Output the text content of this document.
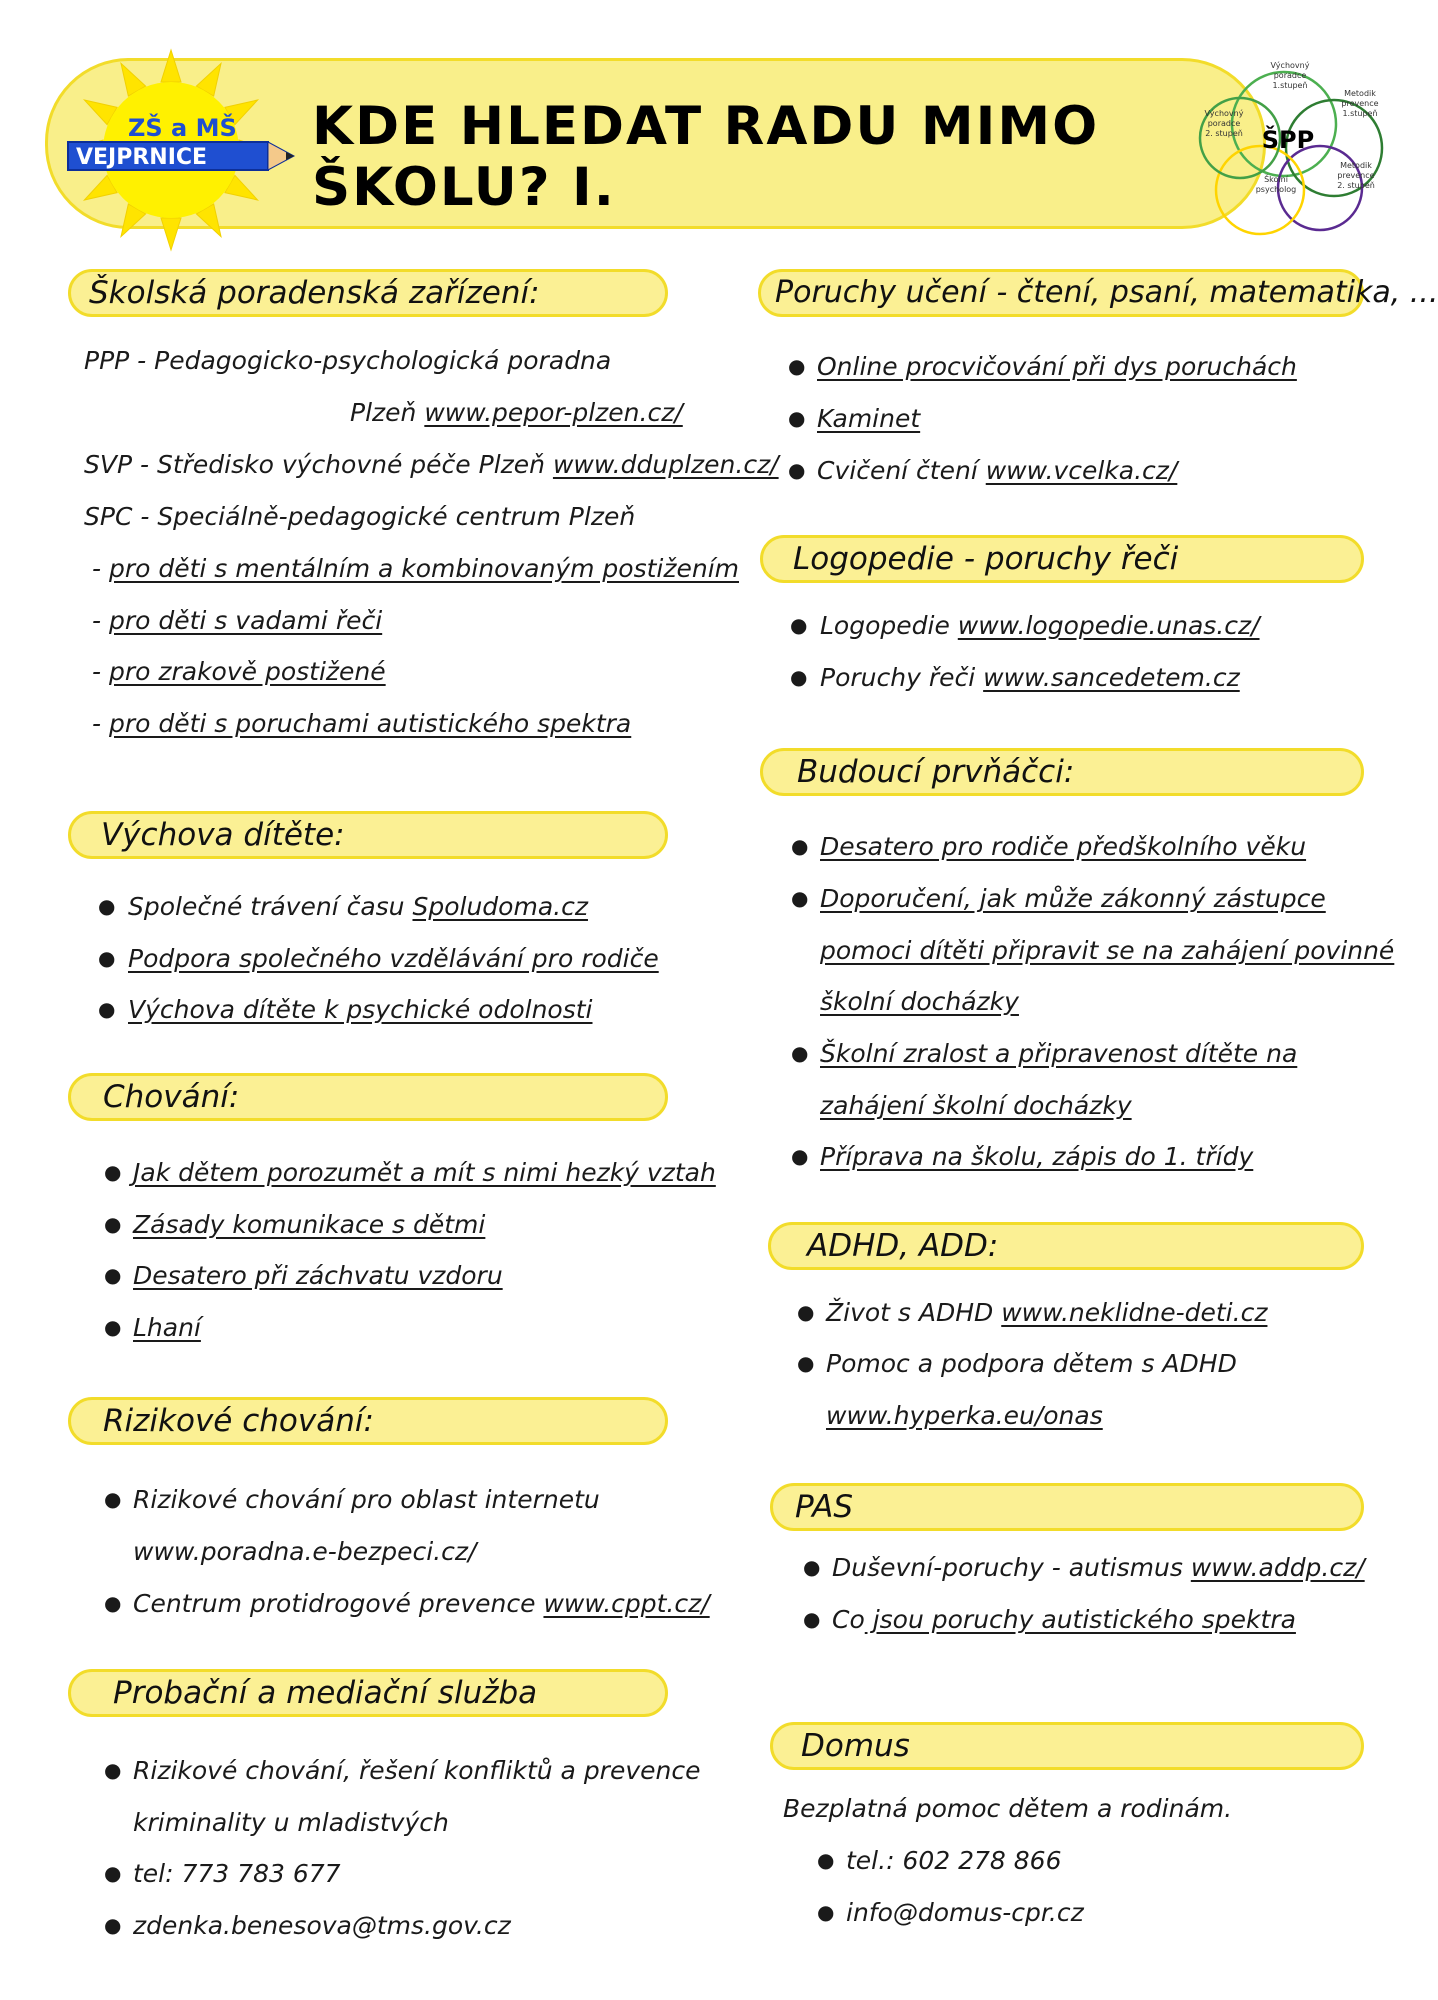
ZŠ a MŠ
VEJPRNICE
KDE HLEDAT RADU MIMO ŠKOLU? I.
Výchovný
poradce
1.stupeň
Metodik
prevence
1.stupeň
Metodik
prevence
2. stupeň
Školní
psycholog
Výchovný
poradce
2. stupeň ŠPP
Školská poradenská zařízení:
PPP - Pedagogicko-psychologická poradna
Plzeň www.pepor-plzen.cz/
SVP - Středisko výchovné péče Plzeň www.dduplzen.cz/
SPC - Speciálně-pedagogické centrum Plzeň
- pro děti s mentálním a kombinovaným postižením
- pro děti s vadami řeči
- pro zrakově postižené
- pro děti s poruchami autistického spektra
Výchova dítěte:
● Společné trávení času Spoludoma.cz
● Podpora společného vzdělávání pro rodiče
● Výchova dítěte k psychické odolnosti
Chování:
● Jak dětem porozumět a mít s nimi hezký vztah
● Zásady komunikace s dětmi
● Desatero při záchvatu vzdoru
● Lhaní
Rizikové chování:
● Rizikové chování pro oblast internetu
www.poradna.e-bezpeci.cz/
● Centrum protidrogové prevence www.cppt.cz/
Probační a mediační služba
● Rizikové chování, řešení konfliktů a prevence
kriminality u mladistvých
● tel: 773 783 677
● zdenka.benesova@tms.gov.cz
Poruchy učení - čtení, psaní, matematika, ...
● Online procvičování při dys poruchách
● Kaminet
● Cvičení čtení www.vcelka.cz/
Logopedie - poruchy řeči
● Logopedie www.logopedie.unas.cz/
● Poruchy řeči www.sancedetem.cz
Budoucí prvňáčci:
● Desatero pro rodiče předškolního věku
● Doporučení, jak může zákonný zástupce
pomoci dítěti připravit se na zahájení povinné
školní docházky
● Školní zralost a připravenost dítěte na
zahájení školní docházky
● Příprava na školu, zápis do 1. třídy
ADHD, ADD:
● Život s ADHD www.neklidne-deti.cz
● Pomoc a podpora dětem s ADHD
www.hyperka.eu/onas
PAS
● Duševní-poruchy - autismus www.addp.cz/
● Co jsou poruchy autistického spektra
Domus
Bezplatná pomoc dětem a rodinám.
● tel.: 602 278 866
● info@domus-cpr.cz
